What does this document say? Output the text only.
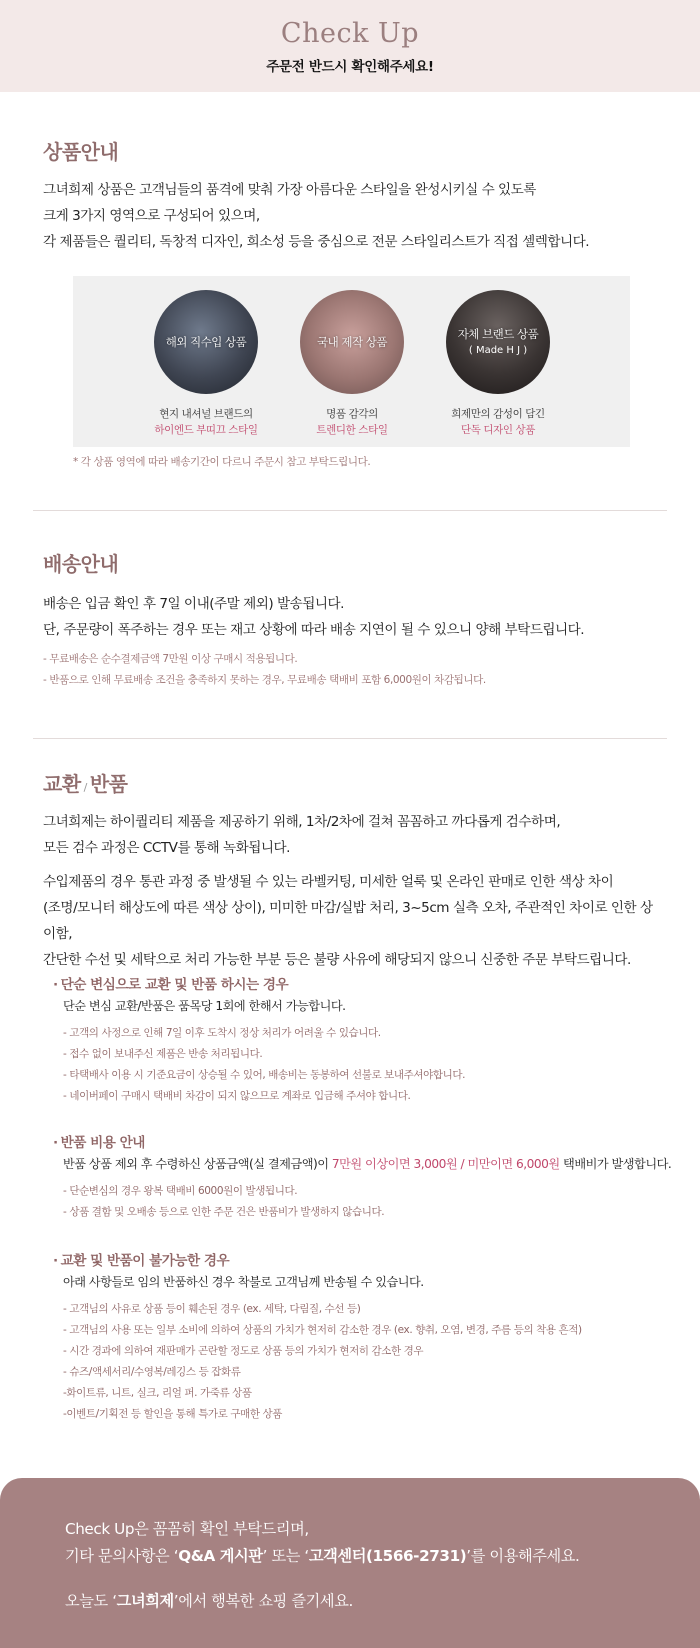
Check Up
주문전 반드시 확인해주세요!
상품안내
그녀희제 상품은 고객님들의 품격에 맞춰 가장 아름다운 스타일을 완성시키실 수 있도록
크게 3가지 영역으로 구성되어 있으며,
각 제품들은 퀄리티, 독창적 디자인, 희소성 등을 중심으로 전문 스타일리스트가 직접 셀렉합니다.
해외 직수입 상품
현지 내셔널 브랜드의
하이엔드 부띠끄 스타일
국내 제작 상품
명품 감각의
트렌디한 스타일
자체 브랜드 상품
( Made H J )
희제만의 감성이 담긴
단독 디자인 상품
* 각 상품 영역에 따라 배송기간이 다르니 주문시 참고 부탁드립니다.
배송안내
배송은 입금 확인 후 7일 이내(주말 제외) 발송됩니다.
단, 주문량이 폭주하는 경우 또는 재고 상황에 따라 배송 지연이 될 수 있으니 양해 부탁드립니다.
- 무료배송은 순수결제금액 7만원 이상 구매시 적용됩니다.
- 반품으로 인해 무료배송 조건을 충족하지 못하는 경우, 무료배송 택배비 포함 6,000원이 차감됩니다.
교환 / 반품
그녀희제는 하이퀄리티 제품을 제공하기 위해, 1차/2차에 걸쳐 꼼꼼하고 까다롭게 검수하며,
모든 검수 과정은 CCTV를 통해 녹화됩니다.
수입제품의 경우 통관 과정 중 발생될 수 있는 라벨커팅, 미세한 얼룩 및 온라인 판매로 인한 색상 차이
(조명/모니터 해상도에 따른 색상 상이), 미미한 마감/실밥 처리, 3~5cm 실측 오차, 주관적인 차이로 인한 상이함,
간단한 수선 및 세탁으로 처리 가능한 부분 등은 불량 사유에 해당되지 않으니 신중한 주문 부탁드립니다.
· 단순 변심으로 교환 및 반품 하시는 경우
단순 변심 교환/반품은 품목당 1회에 한해서 가능합니다.
- 고객의 사정으로 인해 7일 이후 도착시 정상 처리가 어려울 수 있습니다.
- 접수 없이 보내주신 제품은 반송 처리됩니다.
- 타택배사 이용 시 기준요금이 상승될 수 있어, 배송비는 동봉하여 선불로 보내주셔야합니다.
- 네이버페이 구매시 택배비 차감이 되지 않으므로 계좌로 입금해 주셔야 합니다.
· 반품 비용 안내
반품 상품 제외 후 수령하신 상품금액(실 결제금액)이 7만원 이상이면 3,000원 / 미만이면 6,000원 택배비가 발생합니다.
- 단순변심의 경우 왕복 택배비 6000원이 발생됩니다.
- 상품 결함 및 오배송 등으로 인한 주문 건은 반품비가 발생하지 않습니다.
· 교환 및 반품이 불가능한 경우
아래 사항들로 임의 반품하신 경우 착불로 고객님께 반송될 수 있습니다.
- 고객님의 사유로 상품 등이 훼손된 경우 (ex. 세탁, 다림질, 수선 등)
- 고객님의 사용 또는 일부 소비에 의하여 상품의 가치가 현저히 감소한 경우 (ex. 향취, 오염, 변경, 주름 등의 착용 흔적)
- 시간 경과에 의하여 재판매가 곤란할 정도로 상품 등의 가치가 현저히 감소한 경우
- 슈즈/액세서리/수영복/레깅스 등 잡화류
-화이트류, 니트, 실크, 리얼 퍼. 가죽류 상품
-이벤트/기획전 등 할인을 통해 특가로 구매한 상품
Check Up은 꼼꼼히 확인 부탁드리며,
기타 문의사항은 ‘Q&A 게시판’ 또는 ‘고객센터(1566-2731)’를 이용해주세요.
오늘도 ‘그녀희제’에서 행복한 쇼핑 즐기세요.
